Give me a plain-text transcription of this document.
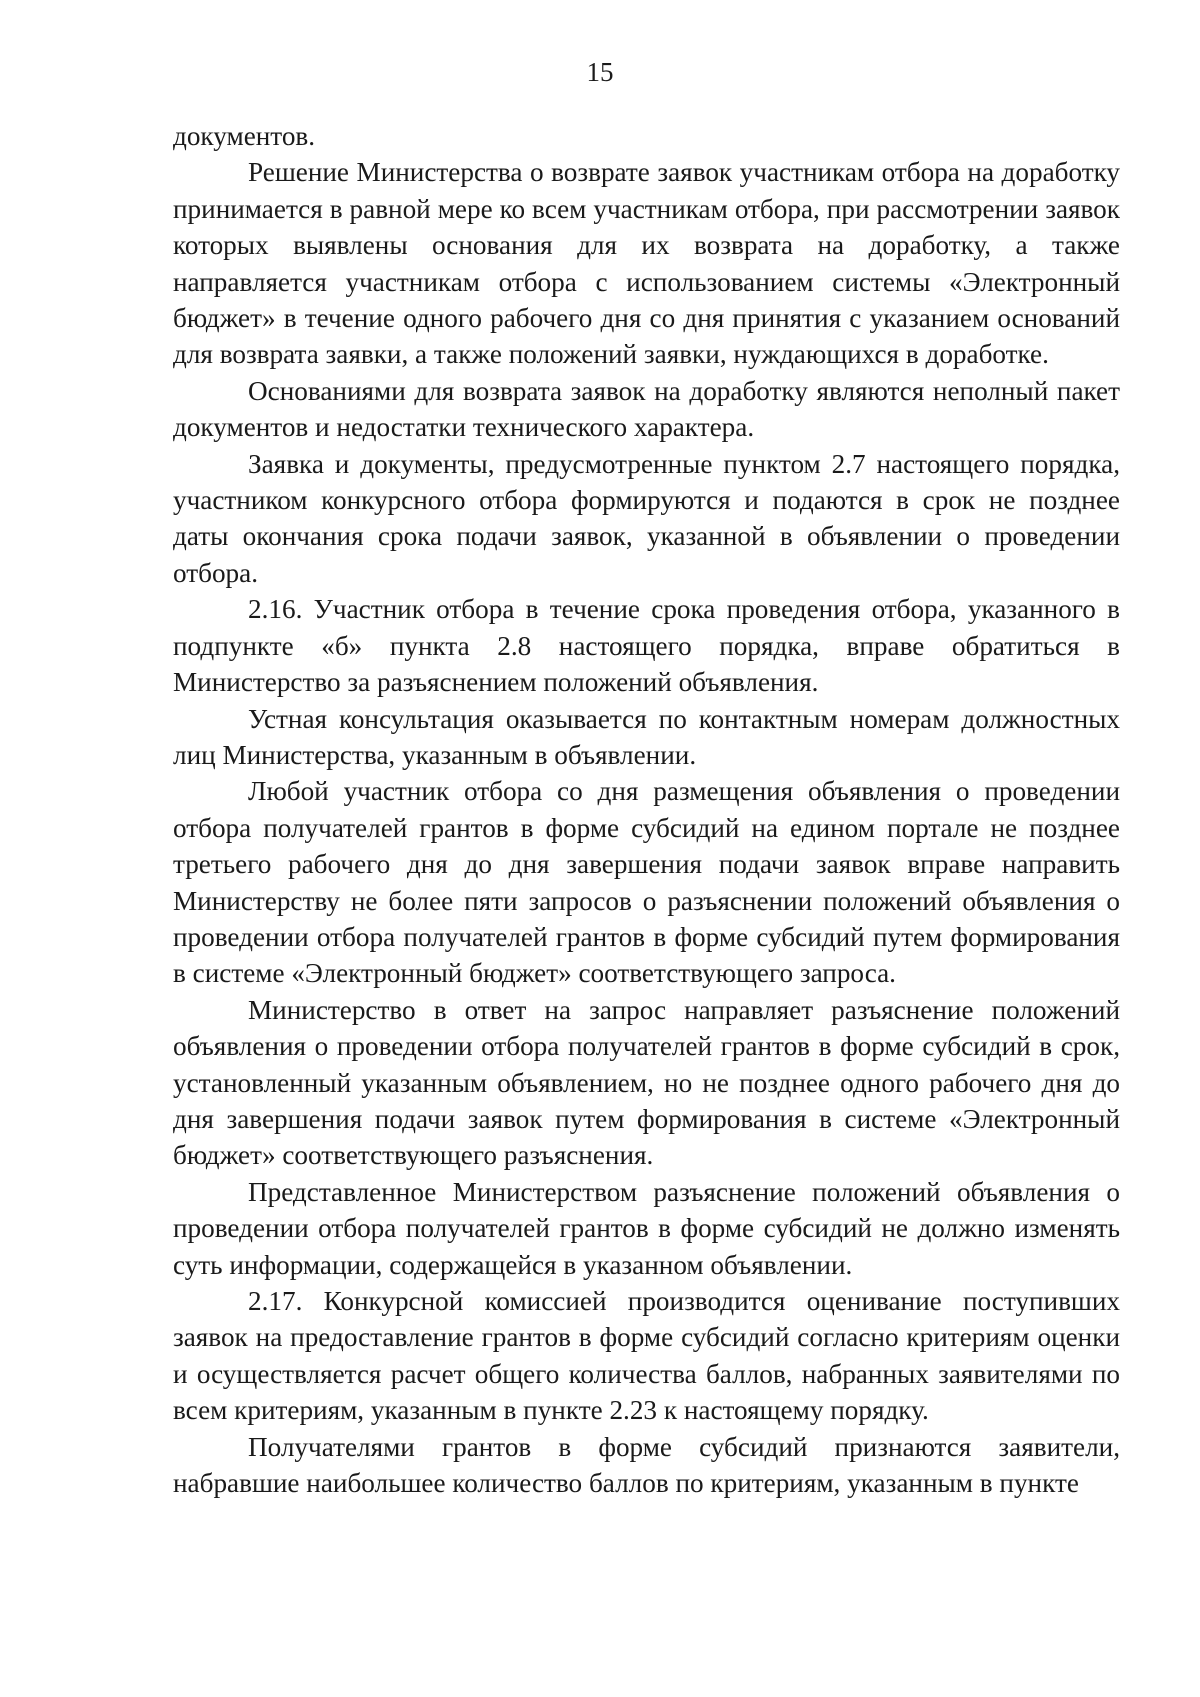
15

документов.

Решение Министерства о возврате заявок участникам отбора на доработку принимается в равной мере ко всем участникам отбора, при рассмотрении заявок которых выявлены основания для их возврата на доработку, а также направляется участникам отбора с использованием системы «Электронный бюджет» в течение одного рабочего дня со дня принятия с указанием оснований для возврата заявки, а также положений заявки, нуждающихся в доработке.

Основаниями для возврата заявок на доработку являются неполный пакет документов и недостатки технического характера.

Заявка и документы, предусмотренные пунктом 2.7 настоящего порядка, участником конкурсного отбора формируются и подаются в срок не позднее даты окончания срока подачи заявок, указанной в объявлении о проведении отбора.

2.16. Участник отбора в течение срока проведения отбора, указанного в подпункте «б» пункта 2.8 настоящего порядка, вправе обратиться в Министерство за разъяснением положений объявления.

Устная консультация оказывается по контактным номерам должностных лиц Министерства, указанным в объявлении.

Любой участник отбора со дня размещения объявления о проведении отбора получателей грантов в форме субсидий на едином портале не позднее третьего рабочего дня до дня завершения подачи заявок вправе направить Министерству не более пяти запросов о разъяснении положений объявления о проведении отбора получателей грантов в форме субсидий путем формирования в системе «Электронный бюджет» соответствующего запроса.

Министерство в ответ на запрос направляет разъяснение положений объявления о проведении отбора получателей грантов в форме субсидий в срок, установленный указанным объявлением, но не позднее одного рабочего дня до дня завершения подачи заявок путем формирования в системе «Электронный бюджет» соответствующего разъяснения.

Представленное Министерством разъяснение положений объявления о проведении отбора получателей грантов в форме субсидий не должно изменять суть информации, содержащейся в указанном объявлении.

2.17. Конкурсной комиссией производится оценивание поступивших заявок на предоставление грантов в форме субсидий согласно критериям оценки и осуществляется расчет общего количества баллов, набранных заявителями по всем критериям, указанным в пункте 2.23 к настоящему порядку.

Получателями грантов в форме субсидий признаются заявители, набравшие наибольшее количество баллов по критериям, указанным в пункте
